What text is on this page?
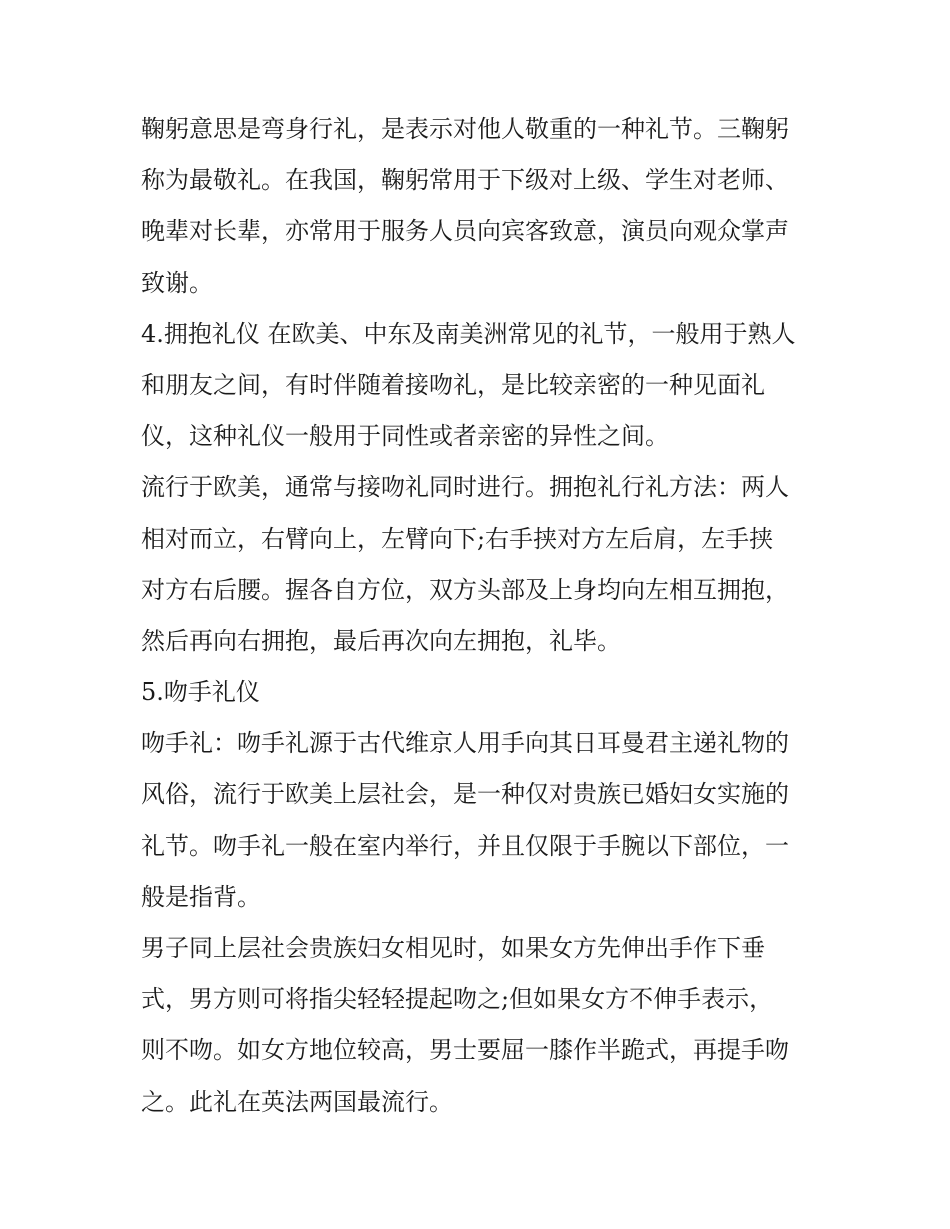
鞠躬意思是弯身行礼，是表示对他人敬重的一种礼节。三鞠躬
称为最敬礼。在我国，鞠躬常用于下级对上级、学生对老师、
晚辈对长辈，亦常用于服务人员向宾客致意，演员向观众掌声
致谢。
4.拥抱礼仪 在欧美、中东及南美洲常见的礼节，一般用于熟人
和朋友之间，有时伴随着接吻礼，是比较亲密的一种见面礼
仪，这种礼仪一般用于同性或者亲密的异性之间。
流行于欧美，通常与接吻礼同时进行。拥抱礼行礼方法：两人
相对而立，右臂向上，左臂向下;右手挟对方左后肩，左手挟
对方右后腰。握各自方位，双方头部及上身均向左相互拥抱，
然后再向右拥抱，最后再次向左拥抱，礼毕。
5.吻手礼仪
吻手礼：吻手礼源于古代维京人用手向其日耳曼君主递礼物的
风俗，流行于欧美上层社会，是一种仅对贵族已婚妇女实施的
礼节。吻手礼一般在室内举行，并且仅限于手腕以下部位，一
般是指背。
男子同上层社会贵族妇女相见时，如果女方先伸出手作下垂
式，男方则可将指尖轻轻提起吻之;但如果女方不伸手表示，
则不吻。如女方地位较高，男士要屈一膝作半跪式，再提手吻
之。此礼在英法两国最流行。
